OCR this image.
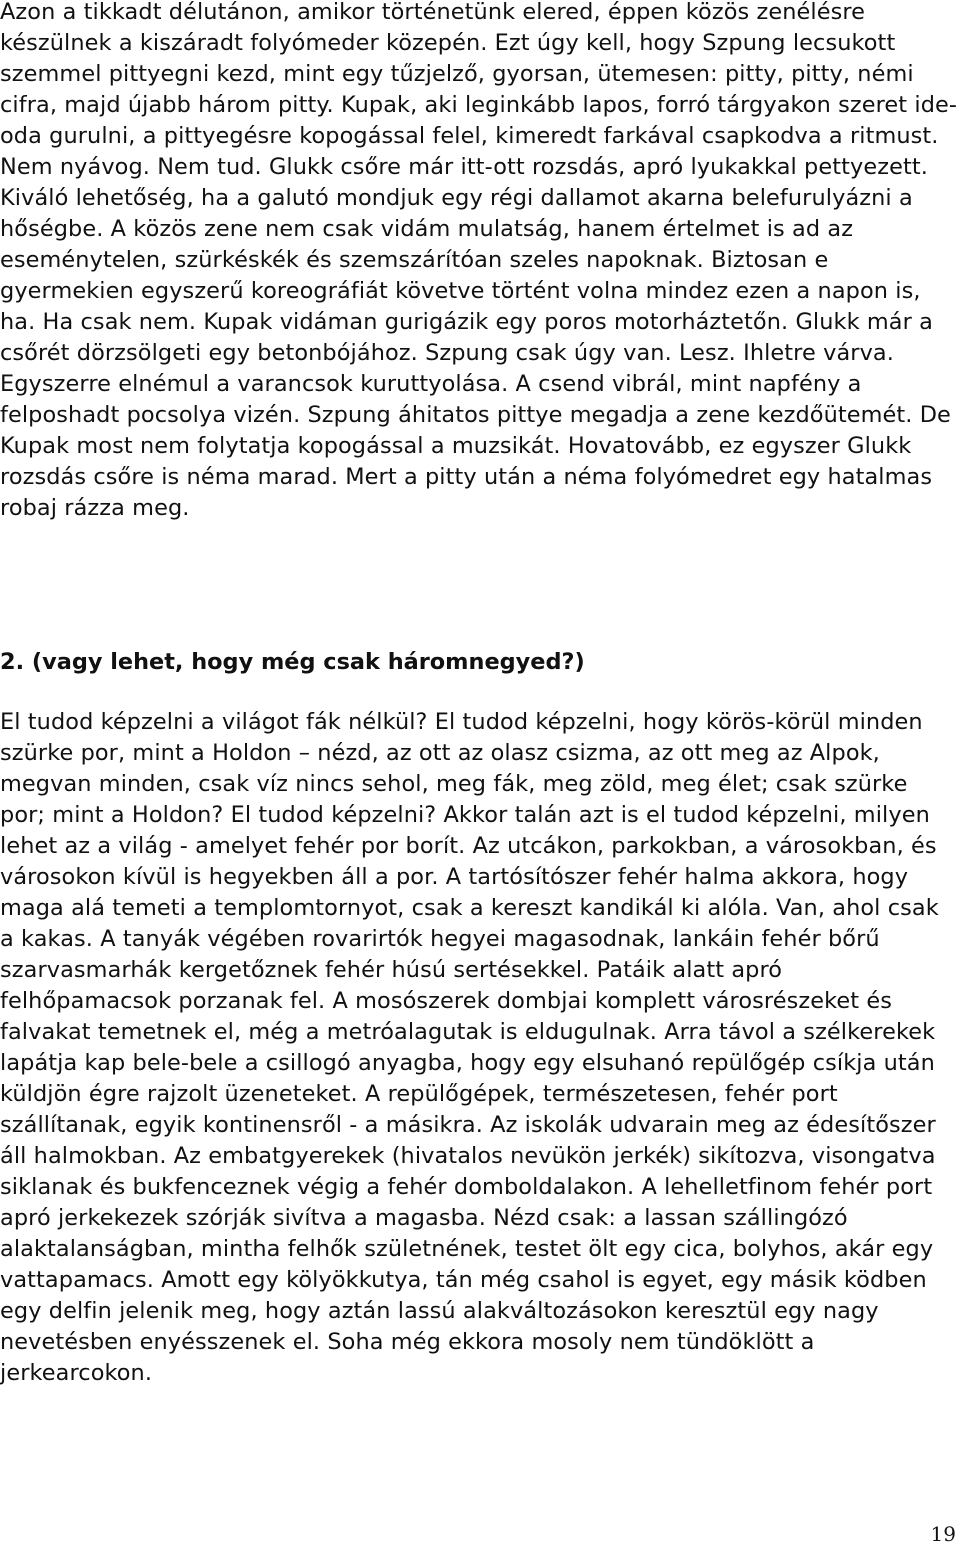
Azon a tikkadt délutánon, amikor történetünk elered, éppen közös zenélésre készülnek a kiszáradt folyómeder közepén. Ezt úgy kell, hogy Szpung lecsukott szemmel pittyegni kezd, mint egy tűzjelző, gyorsan, ütemesen: pitty, pitty, némi cifra, majd újabb három pitty. Kupak, aki leginkább lapos, forró tárgyakon szeret ide-oda gurulni, a pittyegésre kopogással felel, kimeredt farkával csapkodva a ritmust. Nem nyávog. Nem tud. Glukk csőre már itt-ott rozsdás, apró lyukakkal pettyezett. Kiváló lehetőség, ha a galutó mondjuk egy régi dallamot akarna belefurulyázni a hőségbe. A közös zene nem csak vidám mulatság, hanem értelmet is ad az eseménytelen, szürkéskék és szemszárítóan szeles napoknak. Biztosan e gyermekien egyszerű koreográfiát követve történt volna mindez ezen a napon is, ha. Ha csak nem. Kupak vidáman gurigázik egy poros motorháztetőn. Glukk már a csőrét dörzsölgeti egy betonbójához. Szpung csak úgy van. Lesz. Ihletre várva. Egyszerre elnémul a varancsok kuruttyolása. A csend vibrál, mint napfény a felposhadt pocsolya vizén. Szpung áhitatos pittye megadja a zene kezdőütemét. De Kupak most nem folytatja kopogással a muzsikát. Hovatovább, ez egyszer Glukk rozsdás csőre is néma marad. Mert a pitty után a néma folyómedret egy hatalmas robaj rázza meg.

2. (vagy lehet, hogy még csak háromnegyed?)

El tudod képzelni a világot fák nélkül? El tudod képzelni, hogy körös-körül minden szürke por, mint a Holdon – nézd, az ott az olasz csizma, az ott meg az Alpok, megvan minden, csak víz nincs sehol, meg fák, meg zöld, meg élet; csak szürke por; mint a Holdon? El tudod képzelni? Akkor talán azt is el tudod képzelni, milyen lehet az a világ - amelyet fehér por borít. Az utcákon, parkokban, a városokban, és városokon kívül is hegyekben áll a por. A tartósítószer fehér halma akkora, hogy maga alá temeti a templomtornyot, csak a kereszt kandikál ki alóla. Van, ahol csak a kakas. A tanyák végében rovarirtók hegyei magasodnak, lankáin fehér bőrű szarvasmarhák kergetőznek fehér húsú sertésekkel. Patáik alatt apró felhőpamacsok porzanak fel. A mosószerek dombjai komplett városrészeket és falvakat temetnek el, még a metróalagutak is eldugulnak. Arra távol a szélkerekek lapátja kap bele-bele a csillogó anyagba, hogy egy elsuhanó repülőgép csíkja után küldjön égre rajzolt üzeneteket. A repülőgépek, természetesen, fehér port szállítanak, egyik kontinensről - a másikra. Az iskolák udvarain meg az édesítőszer áll halmokban. Az embatgyerekek (hivatalos nevükön jerkék) sikítozva, visongatva siklanak és bukfenceznek végig a fehér domboldalakon. A lehelletfinom fehér port apró jerkekezek szórják sivítva a magasba. Nézd csak: a lassan szállingózó alaktalanságban, mintha felhők születnének, testet ölt egy cica, bolyhos, akár egy vattapamacs. Amott egy kölyökkutya, tán még csahol is egyet, egy másik ködben egy delfin jelenik meg, hogy aztán lassú alakváltozásokon keresztül egy nagy nevetésben enyésszenek el. Soha még ekkora mosoly nem tündöklött a jerkearcokon.

19
